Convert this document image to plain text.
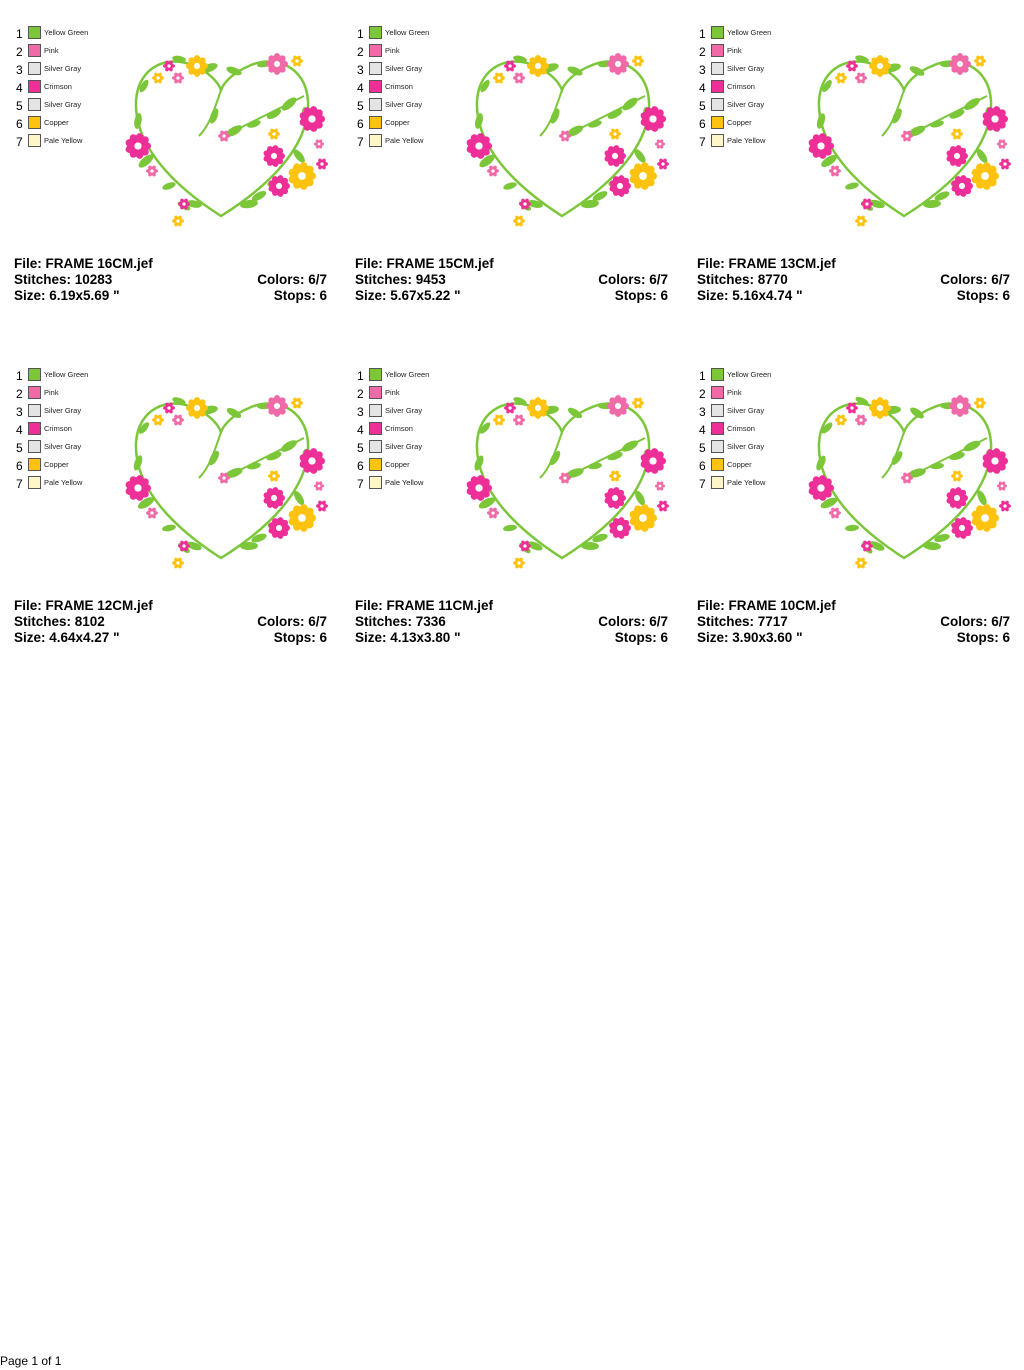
1	Yellow Green
2	Pink
3	Silver Gray
4	Crimson
5	Silver Gray
6	Copper
7	Pale Yellow
File: FRAME 16CM.jef
Stitches: 10283	Colors: 6/7
Size: 6.19x5.69 "	Stops: 6
1	Yellow Green
2	Pink
3	Silver Gray
4	Crimson
5	Silver Gray
6	Copper
7	Pale Yellow
File: FRAME 15CM.jef
Stitches: 9453	Colors: 6/7
Size: 5.67x5.22 "	Stops: 6
1	Yellow Green
2	Pink
3	Silver Gray
4	Crimson
5	Silver Gray
6	Copper
7	Pale Yellow
File: FRAME 13CM.jef
Stitches: 8770	Colors: 6/7
Size: 5.16x4.74 "	Stops: 6
1	Yellow Green
2	Pink
3	Silver Gray
4	Crimson
5	Silver Gray
6	Copper
7	Pale Yellow
File: FRAME 12CM.jef
Stitches: 8102	Colors: 6/7
Size: 4.64x4.27 "	Stops: 6
1	Yellow Green
2	Pink
3	Silver Gray
4	Crimson
5	Silver Gray
6	Copper
7	Pale Yellow
File: FRAME 11CM.jef
Stitches: 7336	Colors: 6/7
Size: 4.13x3.80 "	Stops: 6
1	Yellow Green
2	Pink
3	Silver Gray
4	Crimson
5	Silver Gray
6	Copper
7	Pale Yellow
File: FRAME 10CM.jef
Stitches: 7717	Colors: 6/7
Size: 3.90x3.60 "	Stops: 6
Page 1 of 1
